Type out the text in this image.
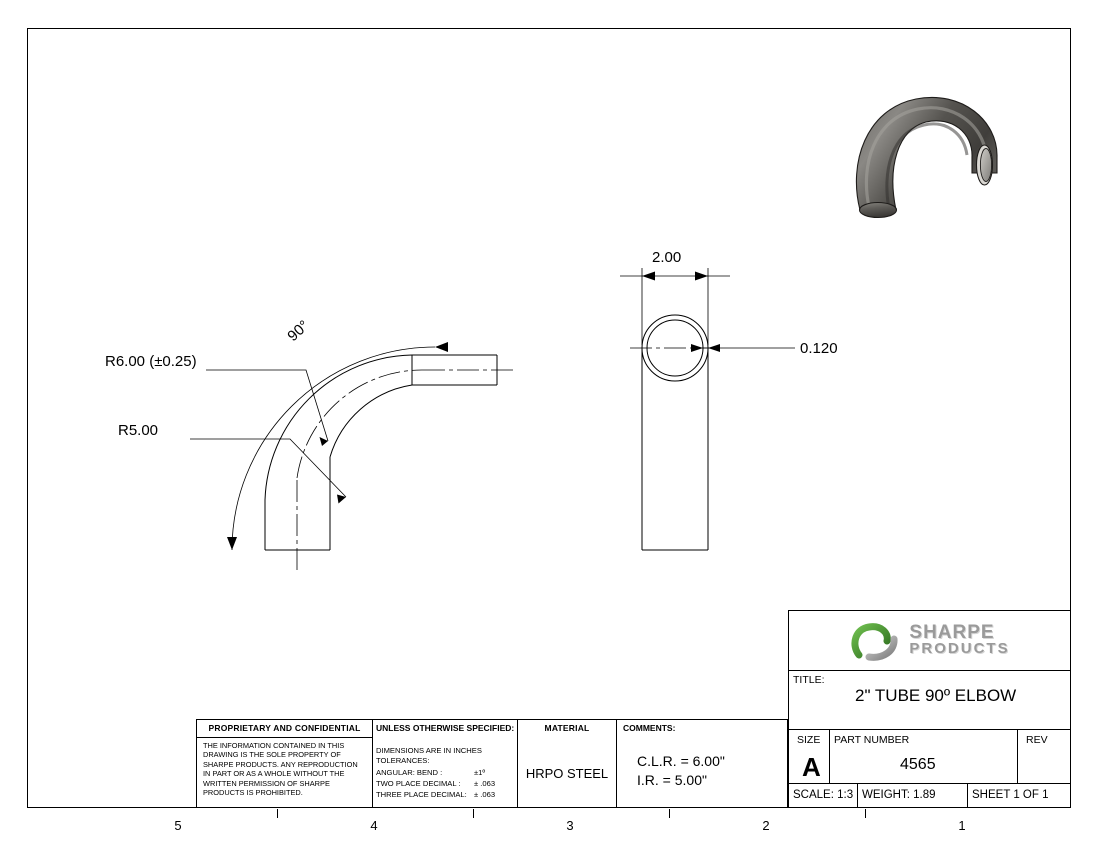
5	4	3	2	1
90°
R6.00 (±0.25)
R5.00
2.00
0.120
SHARPE
PRODUCTS
TITLE:
2" TUBE 90º ELBOW
SIZE
A
PART NUMBER
4565
REV
SCALE: 1:3 WEIGHT: 1.89	SHEET 1 OF 1
PROPRIETARY AND CONFIDENTIAL
THE INFORMATION CONTAINED IN THIS DRAWING IS THE SOLE PROPERTY OF SHARPE PRODUCTS. ANY REPRODUCTION IN PART OR AS A WHOLE WITHOUT THE WRITTEN PERMISSION OF SHARPE PRODUCTS IS PROHIBITED.
UNLESS OTHERWISE SPECIFIED:
DIMENSIONS ARE IN INCHES
TOLERANCES:
ANGULAR: BEND :	±1º
TWO PLACE DECIMAL :	± .063
THREE PLACE DECIMAL: ± .063
MATERIAL
HRPO STEEL
COMMENTS:
C.L.R. = 6.00"
I.R. = 5.00"
